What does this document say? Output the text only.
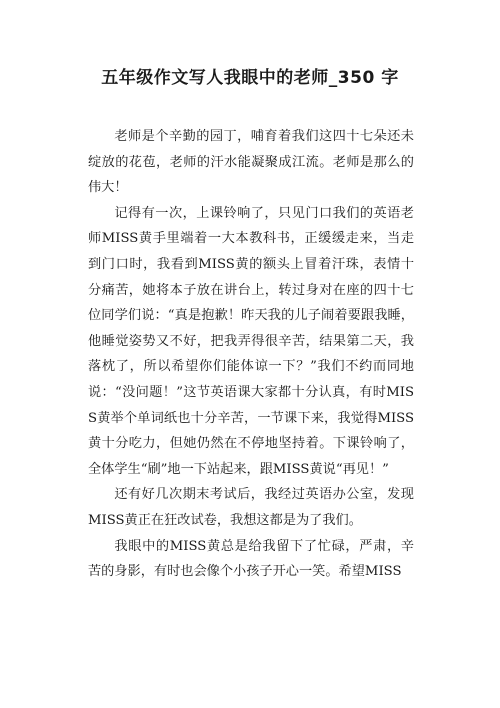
五年级作文写人我眼中的老师_350 字

老师是个辛勤的园丁，哺育着我们这四十七朵还未绽放的花苞，老师的汗水能凝聚成江流。老师是那么的伟大！

记得有一次，上课铃响了，只见门口我们的英语老师MISS黄手里端着一大本教科书，正缓缓走来，当走到门口时，我看到MISS黄的额头上冒着汗珠，表情十分痛苦，她将本子放在讲台上，转过身对在座的四十七位同学们说：“真是抱歉！昨天我的儿子闹着要跟我睡，他睡觉姿势又不好，把我弄得很辛苦，结果第二天，我落枕了，所以希望你们能体谅一下？”我们不约而同地说：“没问题！”这节英语课大家都十分认真，有时MISS黄举个单词纸也十分辛苦，一节课下来，我觉得MISS黄十分吃力，但她仍然在不停地坚持着。下课铃响了，全体学生“刷”地一下站起来，跟MISS黄说“再见！”

还有好几次期末考试后，我经过英语办公室，发现MISS黄正在狂改试卷，我想这都是为了我们。

我眼中的MISS黄总是给我留下了忙碌，严肃，辛苦的身影，有时也会像个小孩子开心一笑。希望MISS
